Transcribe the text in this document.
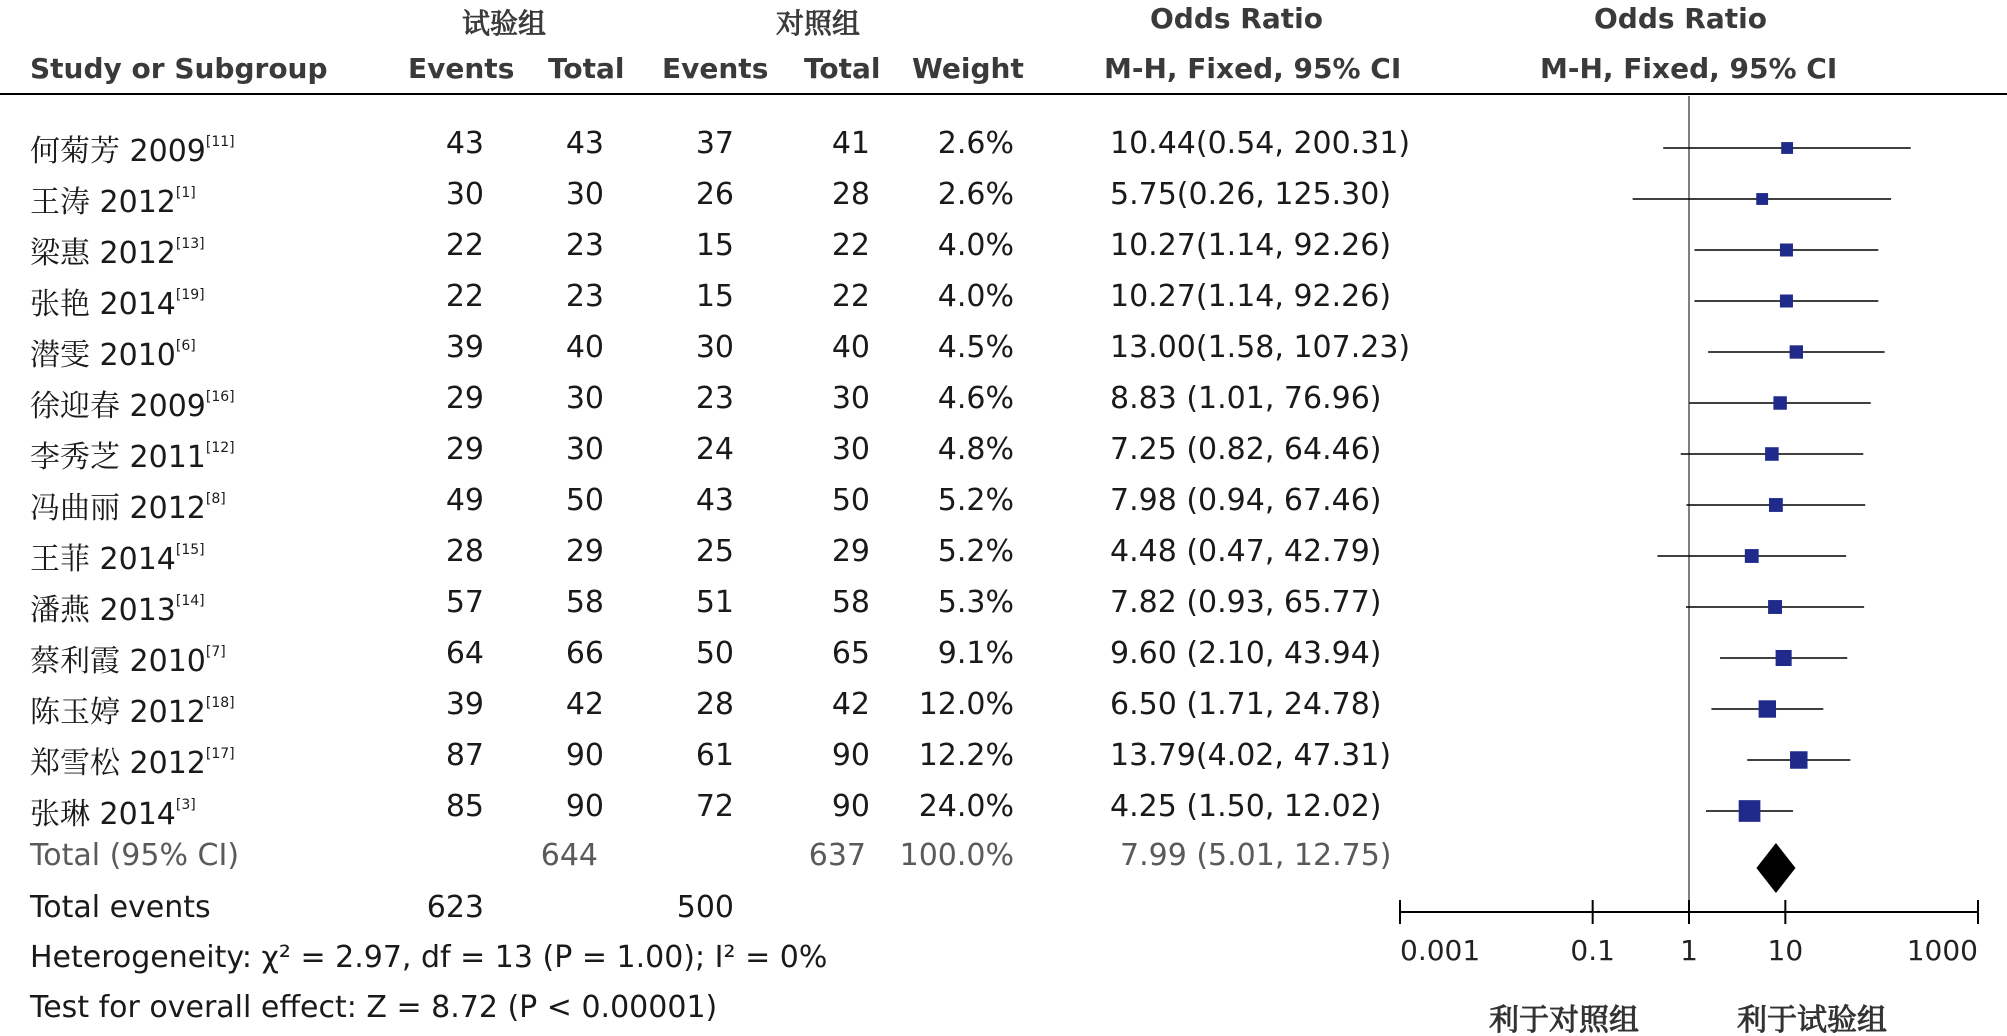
试验组	对照组	Odds Ratio	Odds Ratio
Study or Subgroup	Events Total Events Total Weight	M-H, Fixed, 95% CI	M-H, Fixed, 95% CI
何菊芳 2009[11]	43	43	37	41	2.6%	10.44(0.54, 200.31)
王涛 2012[1]	30	30	26	28	2.6%	5.75(0.26, 125.30)
梁惠 2012[13]	22	23	15	22	4.0%	10.27(1.14, 92.26)
张艳 2014[19]	22	23	15	22	4.0%	10.27(1.14, 92.26)
潜雯 2010[6]	39	40	30	40	4.5%	13.00(1.58, 107.23)
徐迎春 2009[16]	29	30	23	30	4.6%	8.83 (1.01, 76.96)
李秀芝 2011[12]	29	30	24	30	4.8%	7.25 (0.82, 64.46)
冯曲丽 2012[8]	49	50	43	50	5.2%	7.98 (0.94, 67.46)
王菲 2014[15]	28	29	25	29	5.2%	4.48 (0.47, 42.79)
潘燕 2013[14]	57	58	51	58	5.3%	7.82 (0.93, 65.77)
蔡利霞 2010[7]	64	66	50	65	9.1%	9.60 (2.10, 43.94)
陈玉婷 2012[18]	39	42	28	42	12.0%	6.50 (1.71, 24.78)
郑雪松 2012[17]	87	90	61	90	12.2%	13.79(4.02, 47.31)
张琳 2014[3]	85	90	72	90	24.0%	4.25 (1.50, 12.02)
Total (95% CI)	644	637	100.0%	7.99 (5.01, 12.75)
Total events	623	500
Heterogeneity: χ² = 2.97, df = 13 (P = 1.00); I² = 0%
Test for overall effect: Z = 8.72 (P < 0.00001)
0.001	0.1 1 10	1000
利于对照组	利于试验组
